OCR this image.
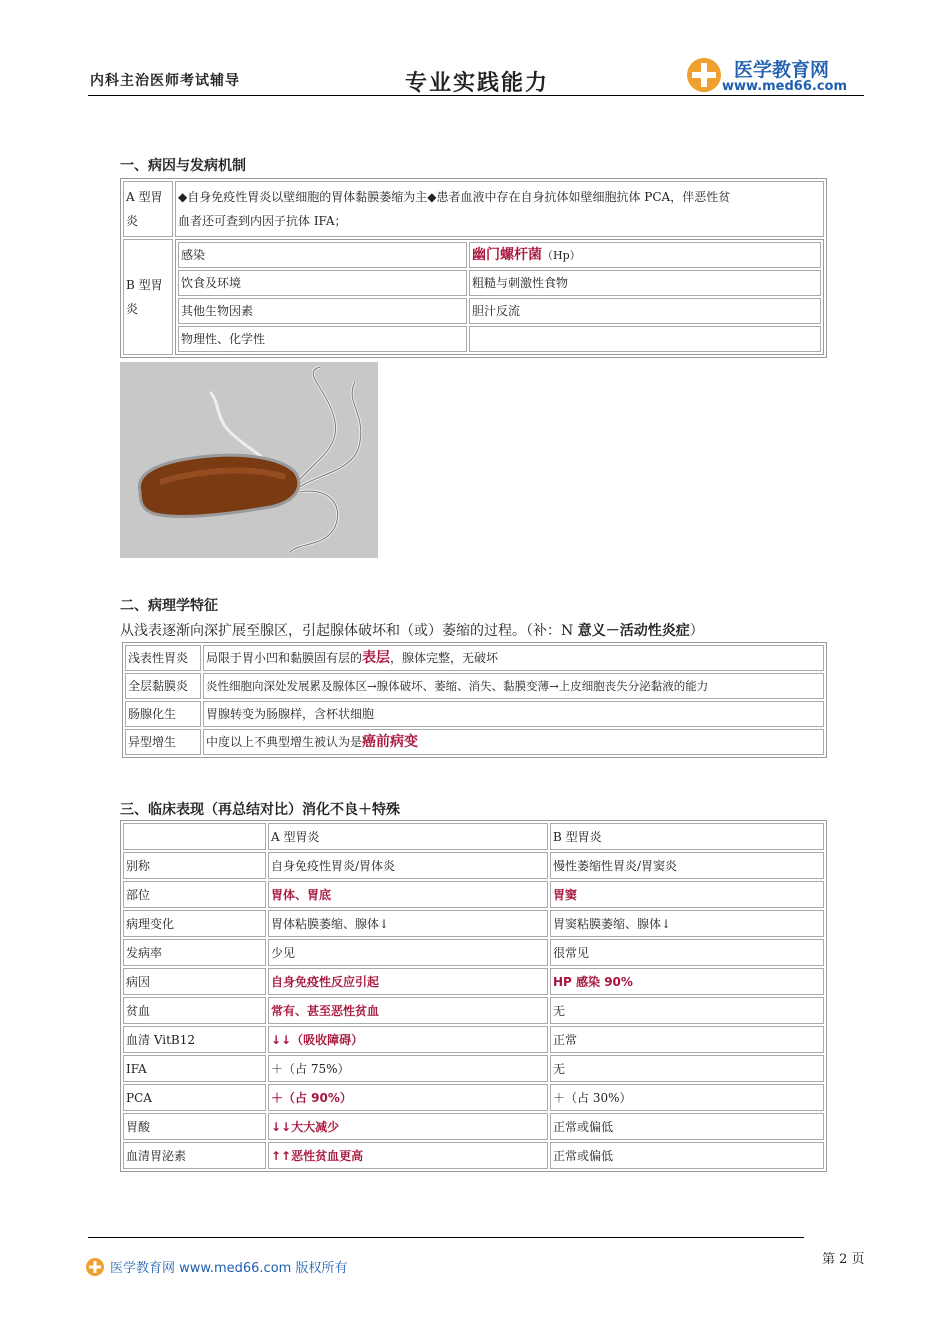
内科主治医师考试辅导	专业实践能力
医学教育网
www.med66.com
一、病因与发病机制
A 型胃炎	◆自身免疫性胃炎以壁细胞的胃体黏膜萎缩为主◆患者血液中存在自身抗体如壁细胞抗体 PCA，伴恶性贫
血者还可查到内因子抗体 IFA；
B 型胃炎	
感染	幽门螺杆菌（Hp）
饮食及环境	粗糙与刺激性食物
其他生物因素	胆汁反流
物理性、化学性	
二、病理学特征
从浅表逐渐向深扩展至腺区，引起腺体破坏和（或）萎缩的过程。（补：N 意义－活动性炎症）
浅表性胃炎	局限于胃小凹和黏膜固有层的表层，腺体完整，无破坏
全层黏膜炎	炎性细胞向深处发展累及腺体区→腺体破坏、萎缩、消失、黏膜变薄→上皮细胞丧失分泌黏液的能力
肠腺化生	胃腺转变为肠腺样，含杯状细胞
异型增生	中度以上不典型增生被认为是癌前病变
三、临床表现（再总结对比）消化不良＋特殊
	A 型胃炎	B 型胃炎
别称	自身免疫性胃炎/胃体炎	慢性萎缩性胃炎/胃窦炎
部位	胃体、胃底	胃窦
病理变化	胃体粘膜萎缩、腺体↓	胃窦粘膜萎缩、腺体↓
发病率	少见	很常见
病因	自身免疫性反应引起	HP 感染 90%
贫血	常有、甚至恶性贫血	无
血清 VitB12	↓↓（吸收障碍）	正常
IFA	＋（占 75%）	无
PCA	＋（占 90%）	＋（占 30%）
胃酸	↓↓大大减少	正常或偏低
血清胃泌素	↑↑恶性贫血更高	正常或偏低
医学教育网 www.med66.com 版权所有
第 2 页
